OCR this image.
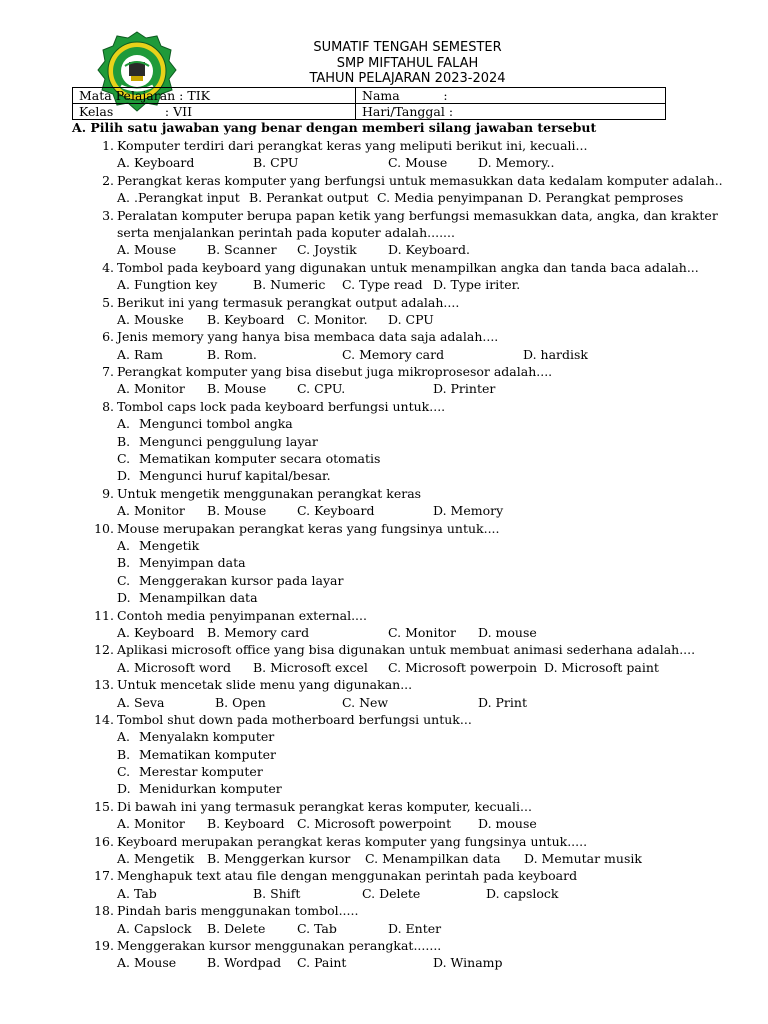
SUMATIF TENGAH SEMESTER
SMP MIFTAHUL FALAH
TAHUN PELAJARAN 2023-2024
Mata Pelajaran : TIK	Nama           :
Kelas             : VII	Hari/Tanggal :
A. Pilih satu jawaban yang benar dengan memberi silang jawaban tersebut
1. Komputer terdiri dari perangkat keras yang meliputi berikut ini, kecuali...
A. Keyboard	B. CPU	C. Mouse D. Memory..
2. Perangkat keras komputer yang berfungsi untuk memasukkan data kedalam komputer adalah..
A. .Perangkat input B. Perankat output C. Media penyimpanan D. Perangkat pemproses
3. Peralatan komputer berupa papan ketik yang berfungsi memasukkan data, angka, dan krakter
serta menjalankan perintah pada koputer adalah.......
A. Mouse B. Scanner C. Joystik	D. Keyboard.
4. Tombol pada keyboard yang digunakan untuk menampilkan angka dan tanda baca adalah...
A. Fungtion key	B. Numeric C. Type read D. Type iriter.
5. Berikut ini yang termasuk perangkat output adalah....
A. Mouske B. Keyboard C. Monitor. D. CPU
6. Jenis memory yang hanya bisa membaca data saja adalah....
A. Ram	B. Rom.	C. Memory card	D. hardisk
7. Perangkat komputer yang bisa disebut juga mikroprosesor adalah....
A. Monitor B. Mouse C. CPU.	D. Printer
8. Tombol caps lock pada keyboard berfungsi untuk....
A. Mengunci tombol angka
B. Mengunci penggulung layar
C. Mematikan komputer secara otomatis
D. Mengunci huruf kapital/besar.
9. Untuk mengetik menggunakan perangkat keras
A. Monitor B. Mouse C. Keyboard	D. Memory
10. Mouse merupakan perangkat keras yang fungsinya untuk....
A. Mengetik
B. Menyimpan data
C. Menggerakan kursor pada layar
D. Menampilkan data
11. Contoh media penyimpanan external....
A. Keyboard B. Memory card	C. Monitor D. mouse
12. Aplikasi microsoft office yang bisa digunakan untuk membuat animasi sederhana adalah....
A. Microsoft word B. Microsoft excel C. Microsoft powerpoin D. Microsoft paint
13. Untuk mencetak slide menu yang digunakan...
A. Seva	B. Open	C. New	D. Print
14. Tombol shut down pada motherboard berfungsi untuk...
A. Menyalakn komputer
B. Mematikan komputer
C. Merestar komputer
D. Menidurkan komputer
15. Di bawah ini yang termasuk perangkat keras komputer, kecuali...
A. Monitor B. Keyboard C. Microsoft powerpoint D. mouse
16. Keyboard merupakan perangkat keras komputer yang fungsinya untuk.....
A. Mengetik B. Menggerkan kursor C. Menampilkan data D. Memutar musik
17. Menghapuk text atau file dengan menggunakan perintah pada keyboard
A. Tab	B. Shift	C. Delete	D. capslock
18. Pindah baris menggunakan tombol.....
A. Capslock B. Delete	C. Tab	D. Enter
19. Menggerakan kursor menggunakan perangkat.......
A. Mouse B. Wordpad C. Paint	D. Winamp
